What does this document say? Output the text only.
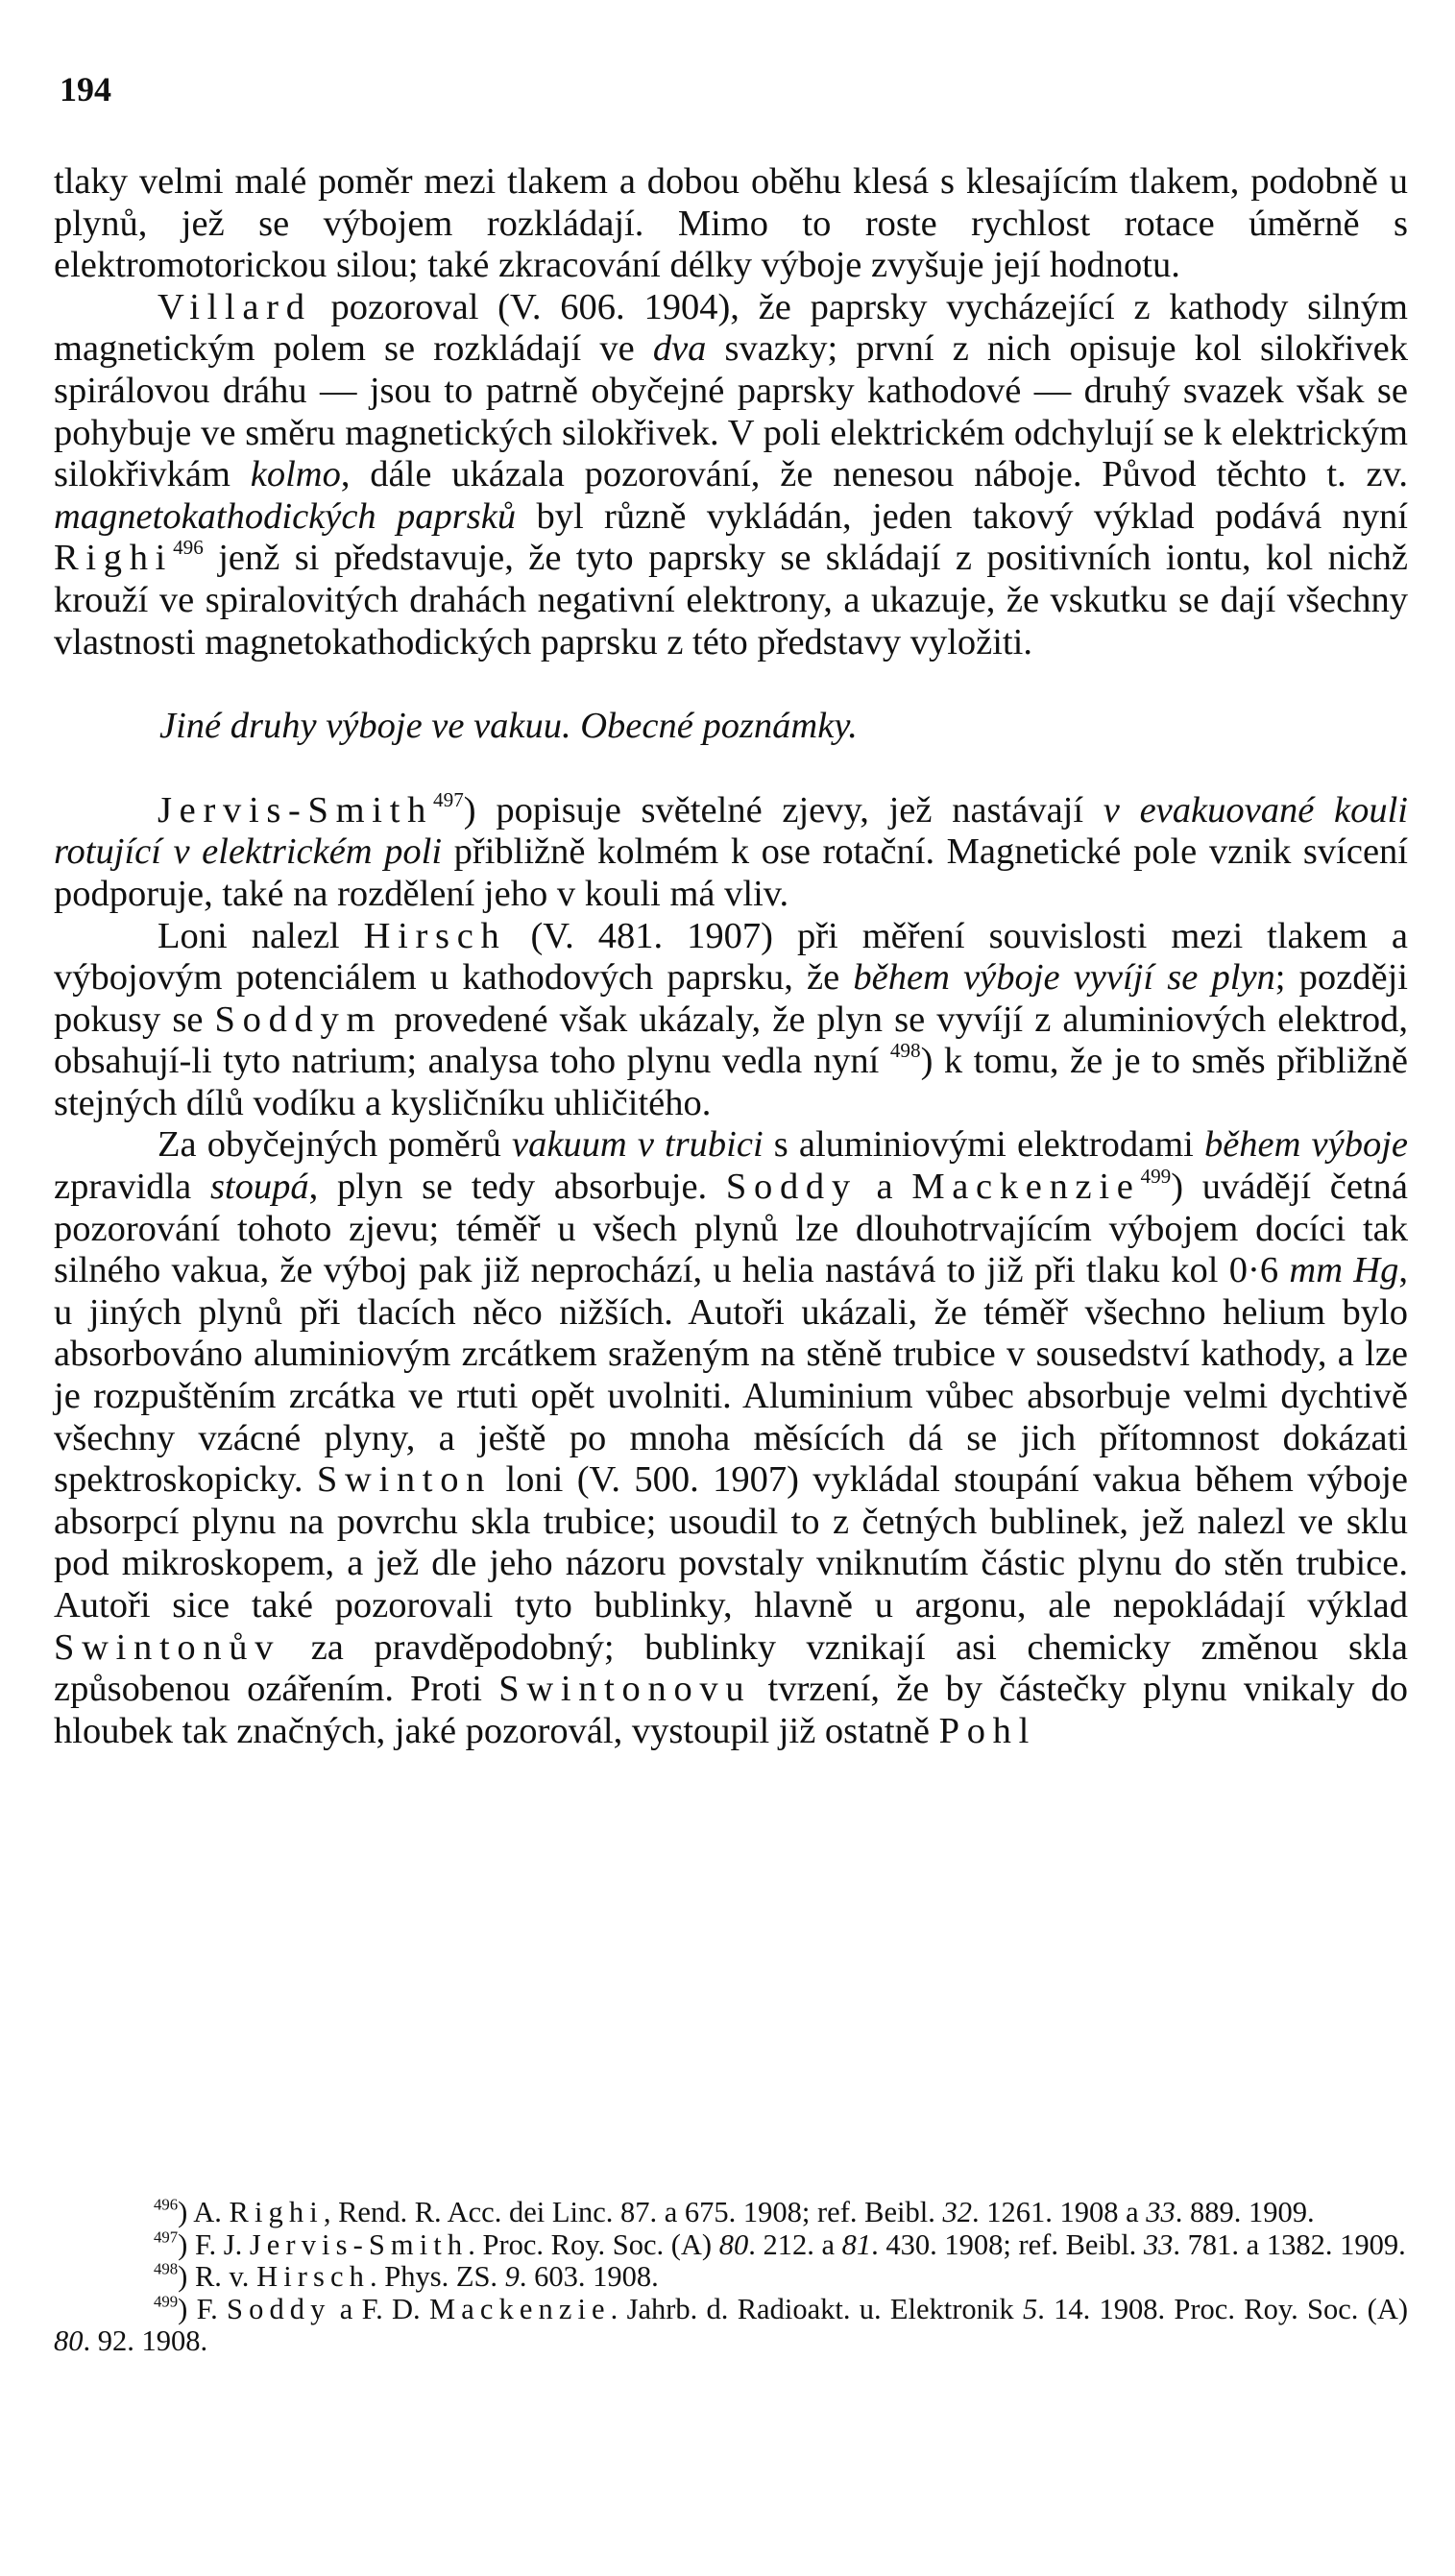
194

tlaky velmi malé poměr mezi tlakem a dobou oběhu klesá s klesajícím tlakem, podobně u plynů, jež se výbojem rozkládají. Mimo to roste rychlost rotace úměrně s elektromotorickou silou; také zkracování délky výboje zvyšuje její hodnotu.

Villard pozoroval (V. 606. 1904), že paprsky vycházející z kathody silným magnetickým polem se rozkládají ve dva svazky; první z nich opisuje kol silokřivek spirálovou dráhu — jsou to patrně obyčejné paprsky kathodové — druhý svazek však se pohybuje ve směru magnetických silokřivek. V poli elektrickém odchylují se k elektrickým silokřivkám kolmo, dále ukázala pozorování, že nenesou náboje. Původ těchto t. zv. magnetokathodických paprsků byl různě vykládán, jeden takový výklad podává nyní Righi$^{496}$ jenž si představuje, že tyto paprsky se skládají z positivních iontu, kol nichž krouží ve spiralovitých drahách negativní elektrony, a ukazuje, že vskutku se dají všechny vlastnosti magnetokathodických paprsku z této představy vyložiti.

Jiné druhy výboje ve vakuu. Obecné poznámky.

Jervis-Smith$^{497}$) popisuje světelné zjevy, jež nastávají v evakuované kouli rotující v elektrickém poli přibližně kolmém k ose rotační. Magnetické pole vznik svícení podporuje, také na rozdělení jeho v kouli má vliv.

Loni nalezl Hirsch (V. 481. 1907) při měření souvislosti mezi tlakem a výbojovým potenciálem u kathodových paprsku, že během výboje vyvíjí se plyn; později pokusy se Soddym provedené však ukázaly, že plyn se vyvíjí z aluminiových elektrod, obsahují-li tyto natrium; analysa toho plynu vedla nyní $^{498}$) k tomu, že je to směs přibližně stejných dílů vodíku a kysličníku uhličitého.

Za obyčejných poměrů vakuum v trubici s aluminiovými elektrodami během výboje zpravidla stoupá, plyn se tedy absorbuje. Soddy a Mackenzie$^{499}$) uvádějí četná pozorování tohoto zjevu; téměř u všech plynů lze dlouhotrvajícím výbojem docíci tak silného vakua, že výboj pak již neprochází, u helia nastává to již při tlaku kol 0·6 mm Hg, u jiných plynů při tlacích něco nižších. Autoři ukázali, že téměř všechno helium bylo absorbováno aluminiovým zrcátkem sraženým na stěně trubice v sousedství kathody, a lze je rozpuštěním zrcátka ve rtuti opět uvolniti. Aluminium vůbec absorbuje velmi dychtivě všechny vzácné plyny, a ještě po mnoha měsících dá se jich přítomnost dokázati spektroskopicky. Swinton loni (V. 500. 1907) vykládal stoupání vakua během výboje absorpcí plynu na povrchu skla trubice; usoudil to z četných bublinek, jež nalezl ve sklu pod mikroskopem, a jež dle jeho názoru povstaly vniknutím částic plynu do stěn trubice. Autoři sice také pozorovali tyto bublinky, hlavně u argonu, ale nepokládají výklad Swintonův za pravděpodobný; bublinky vznikají asi chemicky změnou skla způsobenou ozářením. Proti Swintonovu tvrzení, že by částečky plynu vnikaly do hloubek tak značných, jaké pozorovál, vystoupil již ostatně Pohl

$^{496}$) A. Righi, Rend. R. Acc. dei Linc. 87. a 675. 1908; ref. Beibl. 32. 1261. 1908 a 33. 889. 1909.

$^{497}$) F. J. Jervis-Smith. Proc. Roy. Soc. (A) 80. 212. a 81. 430. 1908; ref. Beibl. 33. 781. a 1382. 1909.

$^{498}$) R. v. Hirsch. Phys. ZS. 9. 603. 1908.

$^{499}$) F. Soddy a F. D. Mackenzie. Jahrb. d. Radioakt. u. Elektronik 5. 14. 1908. Proc. Roy. Soc. (A) 80. 92. 1908.
